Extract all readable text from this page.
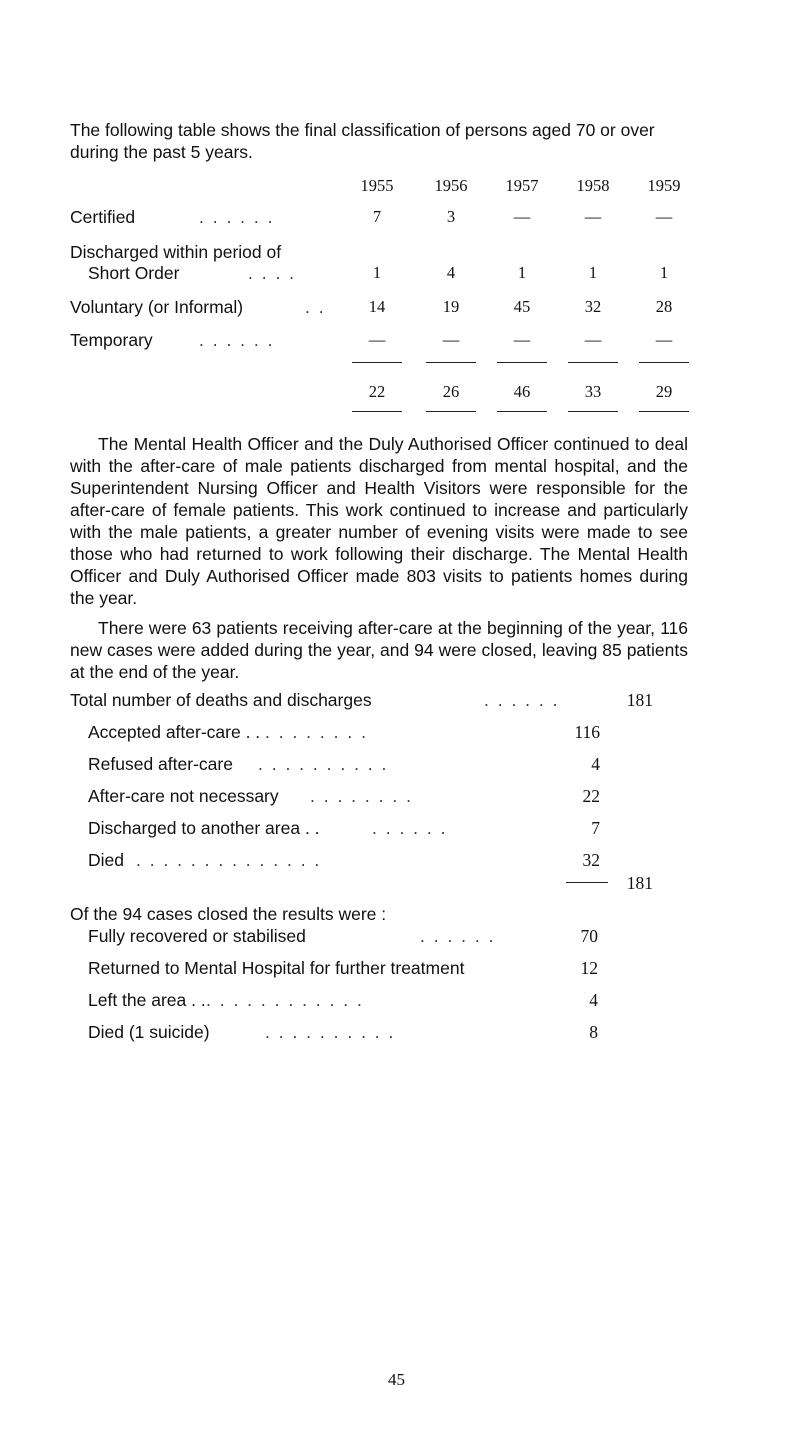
The following table shows the final classification of persons aged 70 or over during the past 5 years.
1955	1956	1957	1958	1959
Certified	. . . . . .	7	3	—	—	—
Discharged within period of
Short Order	. . . .	1	4	1	1	1
Voluntary (or Informal)	. .	14	19	45	32	28
Temporary	. . . . . .	—	—	—	—	—
22	26	46	33	29
The Mental Health Officer and the Duly Authorised Officer continued to deal with the after-care of male patients discharged from mental hospital, and the Superintendent Nursing Officer and Health Visitors were responsible for the after-care of female patients. This work continued to increase and particularly with the male patients, a greater number of evening visits were made to see those who had returned to work following their discharge. The Mental Health Officer and Duly Authorised Officer made 803 visits to patients homes during the year.
There were 63 patients receiving after-care at the beginning of the year, 116 new cases were added during the year, and 94 were closed, leaving 85 patients at the end of the year.
Total number of deaths and discharges	. . . . . .	181
Accepted after-care . . . . . . . . . .	116
Refused after-care . . . . . . . . . .	4
After-care not necessary . . . . . . . .	22
Discharged to another area . .	. . . . . .	7
Died . . . . . . . . . . . . . .	32
181
Of the 94 cases closed the results were :
Fully recovered or stabilised	. . . . . .	70
Returned to Mental Hospital for further treatment	12
Left the area . . . . . . . . . . . . . .	4
Died (1 suicide)	. . . . . . . . . .	8
45
